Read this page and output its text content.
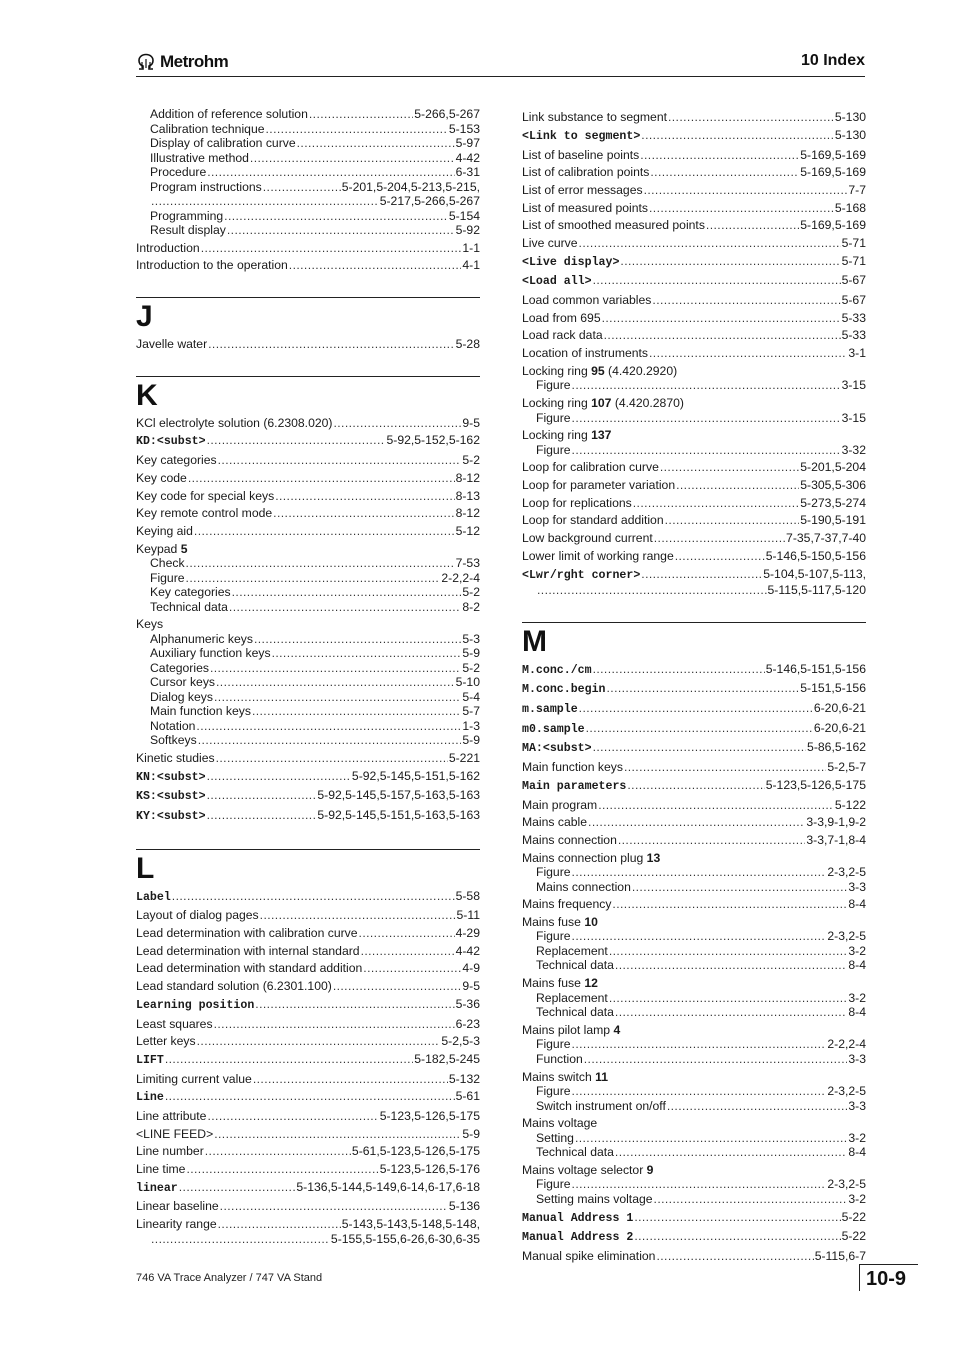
Metrohm	10 Index
Addition of reference solution .....	5-266,5-267
Calibration technique .....	5-153
Display of calibration curve .....	5-97
Illustrative method .....	4-42
Procedure .....	6-31
Program instructions .....	5-201,5-204,5-213,5-215,
.....
5-217,5-266,5-267
Programming .....	5-154
Result display .....	5-92
Introduction .....	1-1
Introduction to the operation .....	4-1
J
Javelle water .....	5-28
K
KCl electrolyte solution (6.2308.020) .....	9-5
KD:<subst> .....	5-92,5-152,5-162
Key categories .....	5-2
Key code .....	8-12
Key code for special keys .....	8-13
Key remote control mode .....	8-12
Keying aid .....	5-12
Keypad 5
Check .....	7-53
Figure .....	2-2,2-4
Key categories .....	5-2
Technical data .....	8-2
Keys
Alphanumeric keys .....	5-3
Auxiliary function keys .....	5-9
Categories .....	5-2
Cursor keys .....	5-10
Dialog keys .....	5-4
Main function keys .....	5-7
Notation .....	1-3
Softkeys .....	5-9
Kinetic studies .....	5-221
KN:<subst> .....	5-92,5-145,5-151,5-162
KS:<subst> .....	5-92,5-145,5-157,5-163,5-163
KY:<subst> .....	5-92,5-145,5-151,5-163,5-163
L
Label .....	5-58
Layout of dialog pages .....	5-11
Lead determination with calibration curve .....	4-29
Lead determination with internal standard .....	4-42
Lead determination with standard addition .....	4-9
Lead standard solution (6.2301.100) .....	9-5
Learning position .....	5-36
Least squares .....	6-23
Letter keys .....	5-2,5-3
LIFT .....	5-182,5-245
Limiting current value .....	5-132
Line .....	5-61
Line attribute .....	5-123,5-126,5-175
<LINE FEED> .....	5-9
Line number .....	5-61,5-123,5-126,5-175
Line time .....	5-123,5-126,5-176
linear .....	5-136,5-144,5-149,6-14,6-17,6-18
Linear baseline .....	5-136
Linearity range .....	5-143,5-143,5-148,5-148,
.....
5-155,5-155,6-26,6-30,6-35
Link substance to segment .....	5-130
<Link to segment> .....	5-130
List of baseline points .....	5-169,5-169
List of calibration points .....	5-169,5-169
List of error messages .....	7-7
List of measured points .....	5-168
List of smoothed measured points .....	5-169,5-169
Live curve .....	5-71
<Live display> .....	5-71
<Load all> .....	5-67
Load common variables .....	5-67
Load from 695 .....	5-33
Load rack data .....	5-33
Location of instruments .....	3-1
Locking ring 95 (4.420.2920)
Figure .....	3-15
Locking ring 107 (4.420.2870)
Figure .....	3-15
Locking ring 137
Figure .....	3-32
Loop for calibration curve .....	5-201,5-204
Loop for parameter variation .....	5-305,5-306
Loop for replications .....	5-273,5-274
Loop for standard addition .....	5-190,5-191
Low background current .....	7-35,7-37,7-40
Lower limit of working range .....	5-146,5-150,5-156
<Lwr/rght corner> .....	5-104,5-107,5-113,
.....
5-115,5-117,5-120
M
M.conc./cm .....	5-146,5-151,5-156
M.conc.begin .....	5-151,5-156
m.sample .....	6-20,6-21
m0.sample .....	6-20,6-21
MA:<subst> .....	5-86,5-162
Main function keys .....	5-2,5-7
Main parameters .....	5-123,5-126,5-175
Main program .....	5-122
Mains cable .....	3-3,9-1,9-2
Mains connection .....	3-3,7-1,8-4
Mains connection plug 13
Figure .....	2-3,2-5
Mains connection .....	3-3
Mains frequency .....	8-4
Mains fuse 10
Figure .....	2-3,2-5
Replacement .....	3-2
Technical data .....	8-4
Mains fuse 12
Replacement .....	3-2
Technical data .....	8-4
Mains pilot lamp 4
Figure .....	2-2,2-4
Function .....	3-3
Mains switch 11
Figure .....	2-3,2-5
Switch instrument on/off .....	3-3
Mains voltage
Setting .....	3-2
Technical data .....	8-4
Mains voltage selector 9
Figure .....	2-3,2-5
Setting mains voltage .....	3-2
Manual Address 1 .....	5-22
Manual Address 2 .....	5-22
Manual spike elimination .....	5-115,6-7
746 VA Trace Analyzer / 747 VA Stand	10-9
